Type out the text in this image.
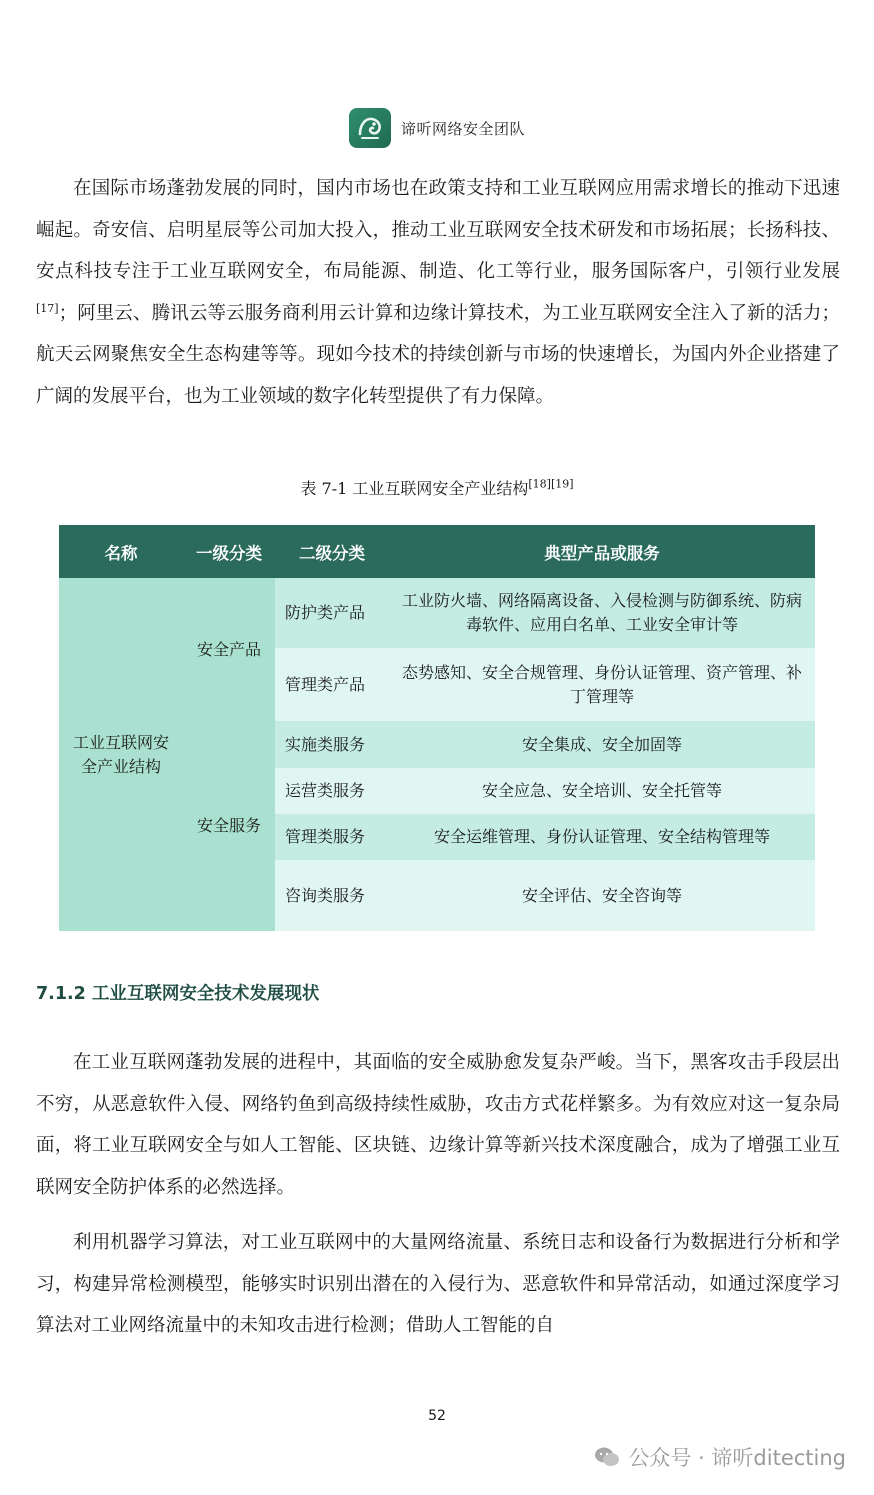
谛听网络安全团队

在国际市场蓬勃发展的同时，国内市场也在政策支持和工业互联网应用需求增长的推动下迅速崛起。奇安信、启明星辰等公司加大投入，推动工业互联网安全技术研发和市场拓展；长扬科技、安点科技专注于工业互联网安全，布局能源、制造、化工等行业，服务国际客户，引领行业发展[17]；阿里云、腾讯云等云服务商利用云计算和边缘计算技术，为工业互联网安全注入了新的活力；航天云网聚焦安全生态构建等等。现如今技术的持续创新与市场的快速增长，为国内外企业搭建了广阔的发展平台，也为工业领域的数字化转型提供了有力保障。

表 7-1 工业互联网安全产业结构[18][19]
名称	一级分类	二级分类	典型产品或服务
工业互联网安全产业结构	安全产品	防护类产品	工业防火墙、网络隔离设备、入侵检测与防御系统、防病毒软件、应用白名单、工业安全审计等
		管理类产品	态势感知、安全合规管理、身份认证管理、资产管理、补丁管理等
	安全服务	实施类服务	安全集成、安全加固等
		运营类服务	安全应急、安全培训、安全托管等
		管理类服务	安全运维管理、身份认证管理、安全结构管理等
		咨询类服务	安全评估、安全咨询等
7.1.2 工业互联网安全技术发展现状

在工业互联网蓬勃发展的进程中，其面临的安全威胁愈发复杂严峻。当下，黑客攻击手段层出不穷，从恶意软件入侵、网络钓鱼到高级持续性威胁，攻击方式花样繁多。为有效应对这一复杂局面，将工业互联网安全与如人工智能、区块链、边缘计算等新兴技术深度融合，成为了增强工业互联网安全防护体系的必然选择。

利用机器学习算法，对工业互联网中的大量网络流量、系统日志和设备行为数据进行分析和学习，构建异常检测模型，能够实时识别出潜在的入侵行为、恶意软件和异常活动，如通过深度学习算法对工业网络流量中的未知攻击进行检测；借助人工智能的自

52
公众号 · 谛听ditecting
